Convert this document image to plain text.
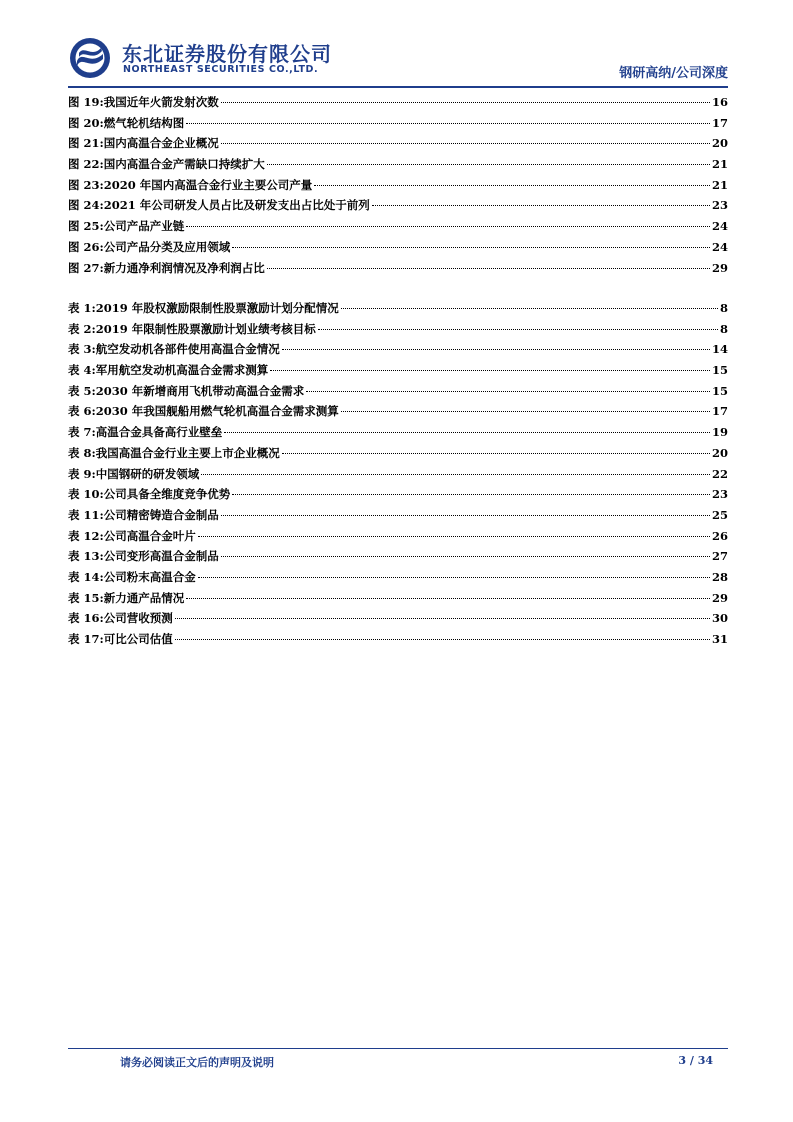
东北证券股份有限公司
NORTHEAST SECURITIES CO.,LTD.	钢研高纳/公司深度
图 19: 我国近年火箭发射次数	16
图 20: 燃气轮机结构图	17
图 21: 国内高温合金企业概况	20
图 22: 国内高温合金产需缺口持续扩大	21
图 23: 2020 年国内高温合金行业主要公司产量	21
图 24: 2021 年公司研发人员占比及研发支出占比处于前列	23
图 25: 公司产品产业链	24
图 26: 公司产品分类及应用领域	24
图 27: 新力通净利润情况及净利润占比	29
表 1: 2019 年股权激励限制性股票激励计划分配情况	8
表 2: 2019 年限制性股票激励计划业绩考核目标	8
表 3: 航空发动机各部件使用高温合金情况	14
表 4: 军用航空发动机高温合金需求测算	15
表 5: 2030 年新增商用飞机带动高温合金需求	15
表 6: 2030 年我国舰船用燃气轮机高温合金需求测算	17
表 7: 高温合金具备高行业壁垒	19
表 8: 我国高温合金行业主要上市企业概况	20
表 9: 中国钢研的研发领域	22
表 10: 公司具备全维度竞争优势	23
表 11: 公司精密铸造合金制品	25
表 12: 公司高温合金叶片	26
表 13: 公司变形高温合金制品	27
表 14: 公司粉末高温合金	28
表 15: 新力通产品情况	29
表 16: 公司营收预测	30
表 17: 可比公司估值	31
请务必阅读正文后的声明及说明	3 / 34
